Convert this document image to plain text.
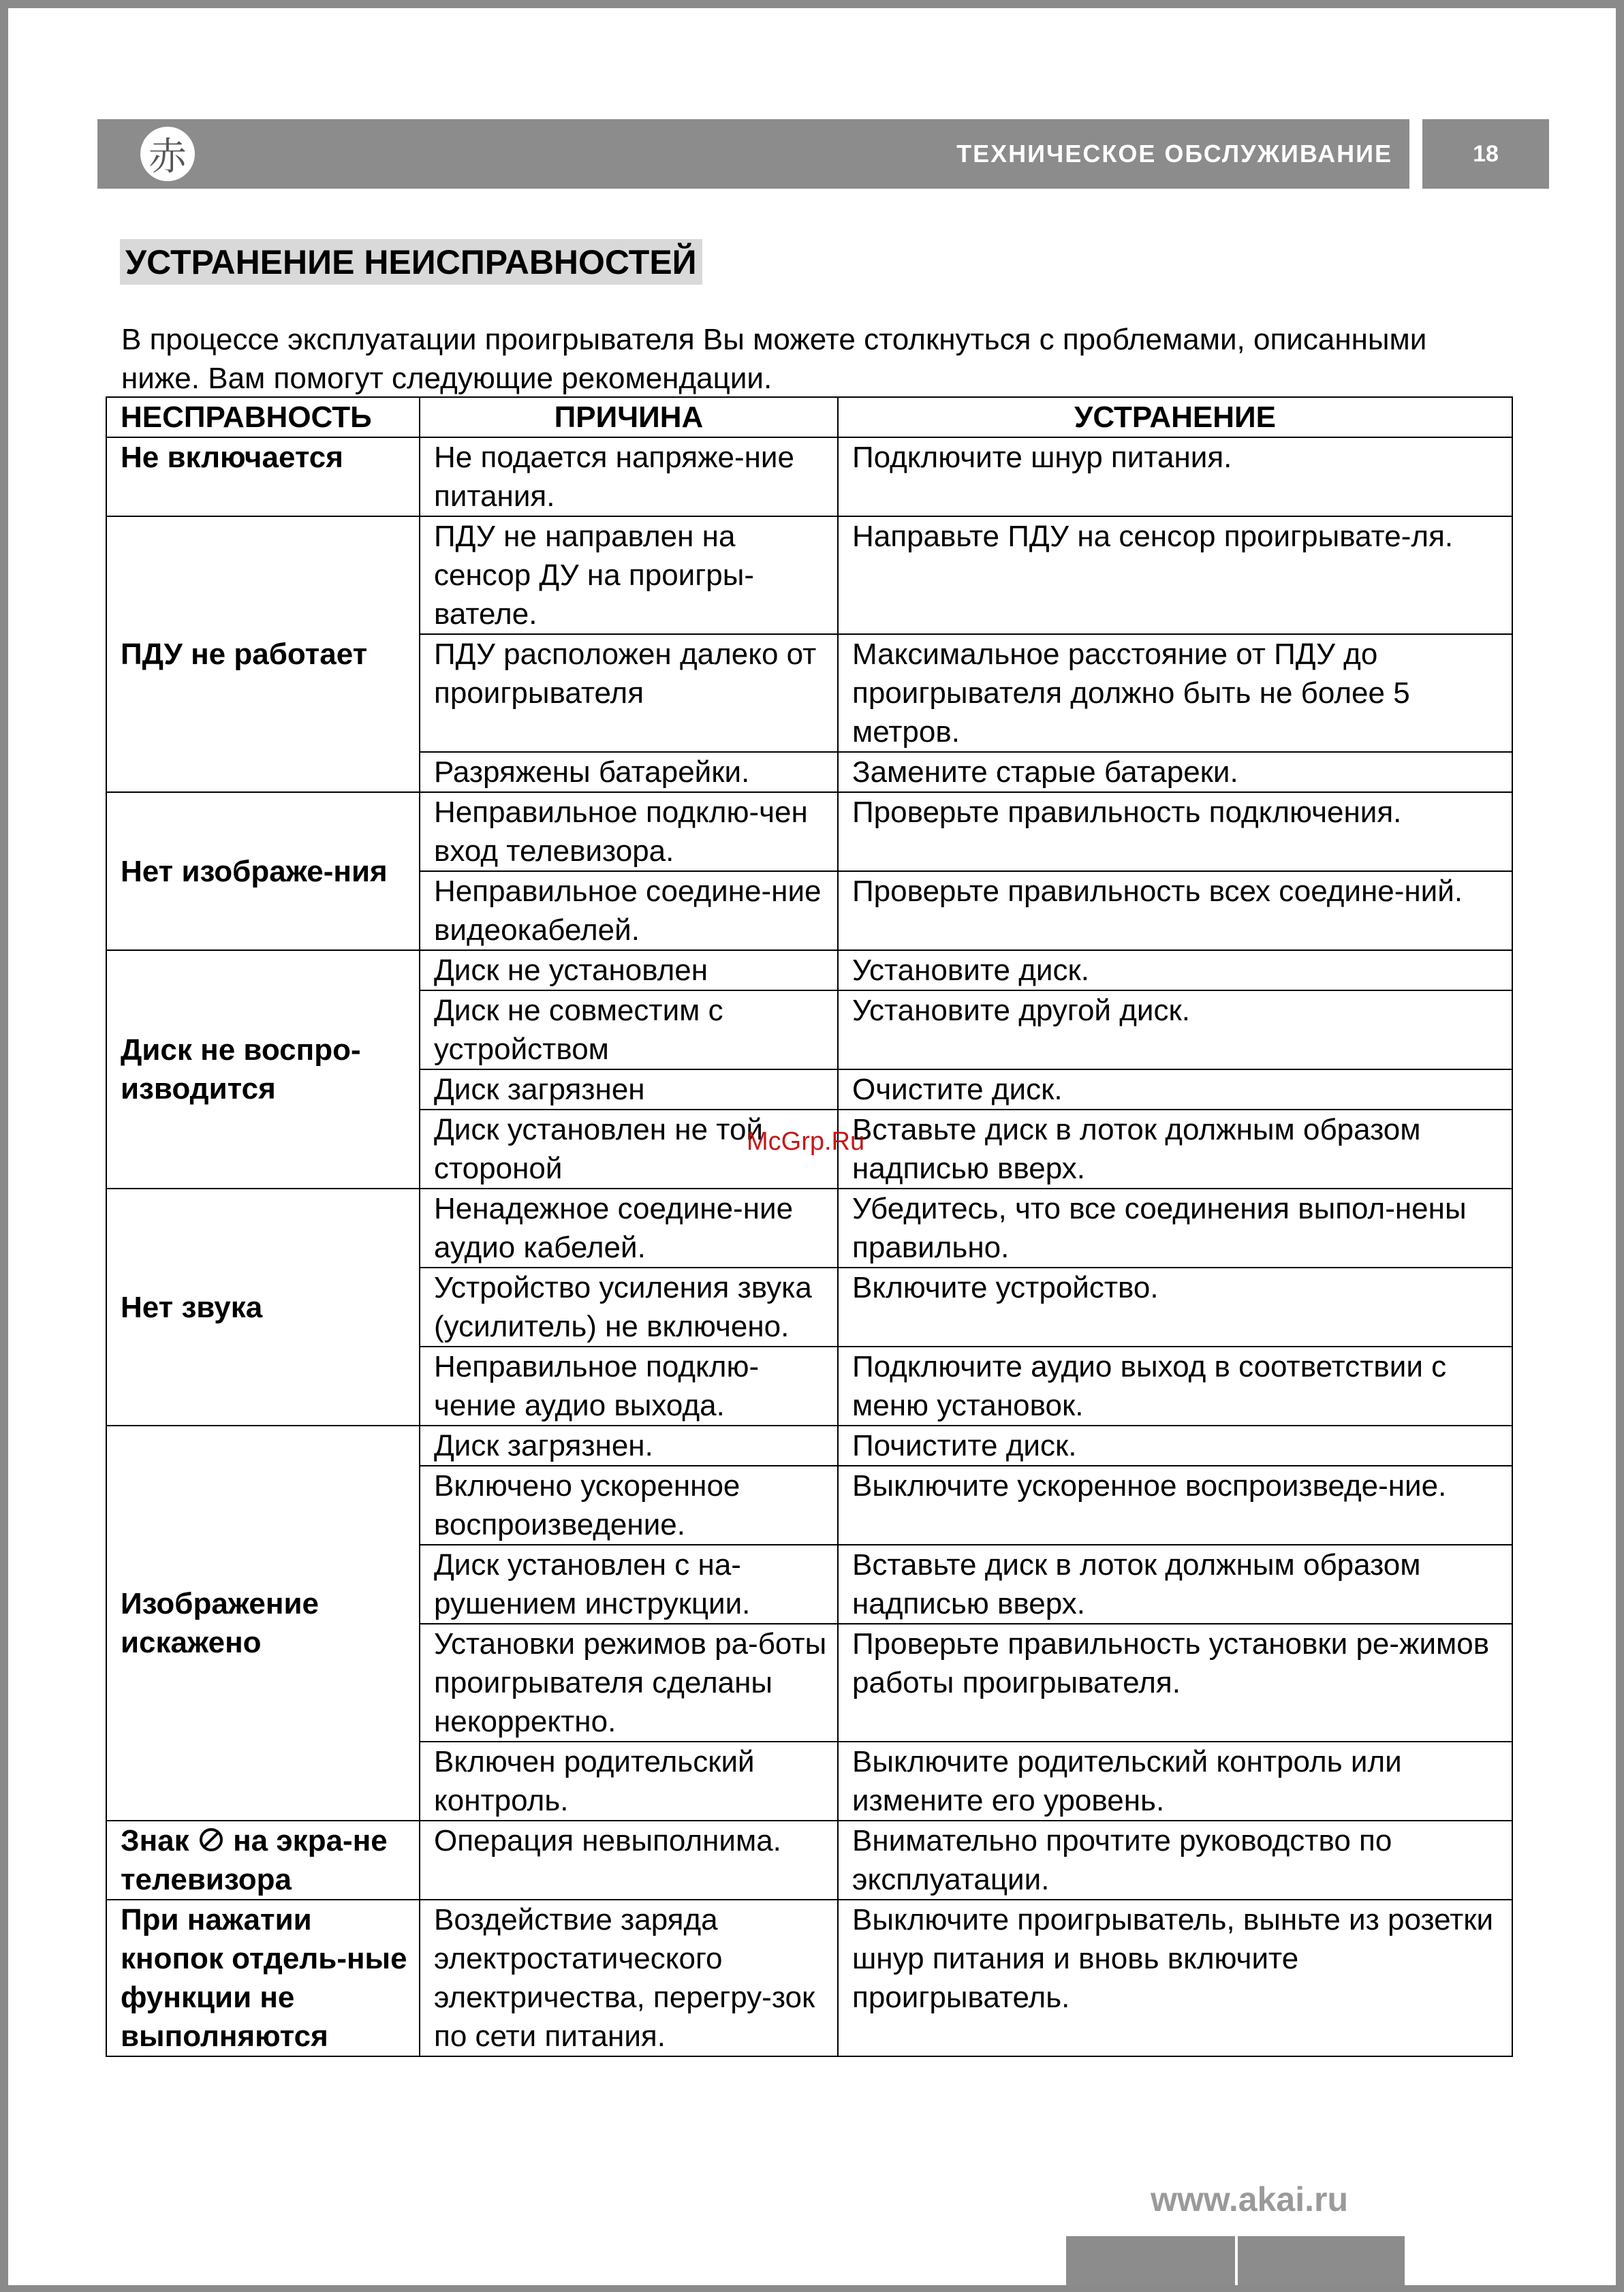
赤	ТЕХНИЧЕСКОЕ ОБСЛУЖИВАНИЕ	18
УСТРАНЕНИЕ НЕИСПРАВНОСТЕЙ
В процессе эксплуатации проигрывателя Вы можете столкнуться с проблемами, описанными ниже. Вам помогут следующие рекомендации.
НЕСПРАВНОСТЬ	ПРИЧИНА	УСТРАНЕНИЕ
Не включается	Не подается напряже-ние питания.	Подключите шнур питания.
ПДУ не работает	ПДУ не направлен на сенсор ДУ на проигры-вателе.	Направьте ПДУ на сенсор проигрывате-ля.
	ПДУ расположен далеко от проигрывателя	Максимальное расстояние от ПДУ до проигрывателя должно быть не более 5 метров.
	Разряжены батарейки.	Замените старые батареки.
Нет изображе-ния	Неправильное подклю-чен вход телевизора.	Проверьте правильность подключения.
	Неправильное соедине-ние видеокабелей.	Проверьте правильность всех соедине-ний.
Диск не воспро-изводится	Диск не установлен	Установите диск.
	Диск не совместим с устройством	Установите другой диск.
	Диск загрязнен	Очистите диск.
	Диск установлен не той стороной	Вставьте диск в лоток должным образом надписью вверх.
Нет звука	Ненадежное соедине-ние аудио кабелей.	Убедитесь, что все соединения выпол-нены правильно.
	Устройство усиления звука (усилитель) не включено.	Включите устройство.
	Неправильное подклю-чение аудио выхода.	Подключите аудио выход в соответствии с меню установок.
Изображение искажено	Диск загрязнен.	Почистите диск.
	Включено ускоренное воспроизведение.	Выключите ускоренное воспроизведе-ние.
	Диск установлен с на-рушением инструкции.	Вставьте диск в лоток должным образом надписью вверх.
	Установки режимов ра-боты проигрывателя сделаны некорректно.	Проверьте правильность установки ре-жимов работы проигрывателя.
	Включен родительский контроль.	Выключите родительский контроль или измените его уровень.
Знак на экра-не телевизора	Операция невыполнима.	Внимательно прочтите руководство по эксплуатации.
При нажатии кнопок отдель-ные функции не выполняются	Воздействие заряда электростатического электричества, перегру-зок по сети питания.	Выключите проигрыватель, выньте из розетки шнур питания и вновь включите проигрыватель.
McGrp.Ru
www.akai.ru
